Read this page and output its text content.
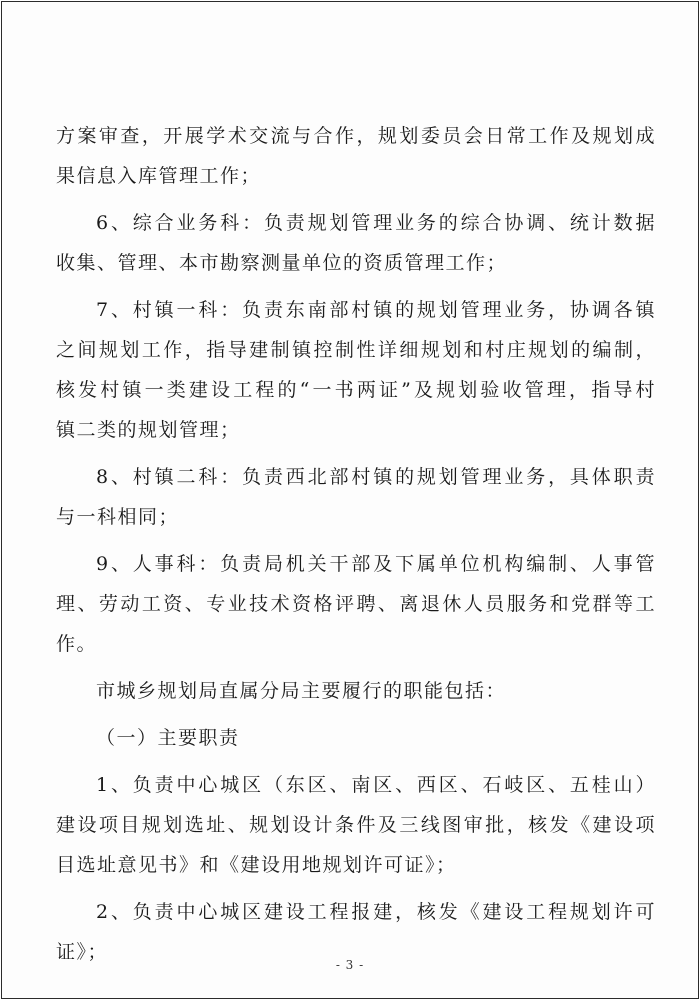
方案审查，开展学术交流与合作，规划委员会日常工作及规划成
果信息入库管理工作；
6、综合业务科：负责规划管理业务的综合协调、统计数据
收集、管理、本市勘察测量单位的资质管理工作；
7、村镇一科：负责东南部村镇的规划管理业务，协调各镇
之间规划工作，指导建制镇控制性详细规划和村庄规划的编制，
核发村镇一类建设工程的“一书两证”及规划验收管理，指导村
镇二类的规划管理；
8、村镇二科：负责西北部村镇的规划管理业务，具体职责
与一科相同；
9、人事科：负责局机关干部及下属单位机构编制、人事管
理、劳动工资、专业技术资格评聘、离退休人员服务和党群等工
作。
市城乡规划局直属分局主要履行的职能包括：
（一）主要职责
1、负责中心城区（东区、南区、西区、石岐区、五桂山）
建设项目规划选址、规划设计条件及三线图审批，核发《建设项
目选址意见书》和《建设用地规划许可证》；
2、负责中心城区建设工程报建，核发《建设工程规划许可
证》；
- 3 -
